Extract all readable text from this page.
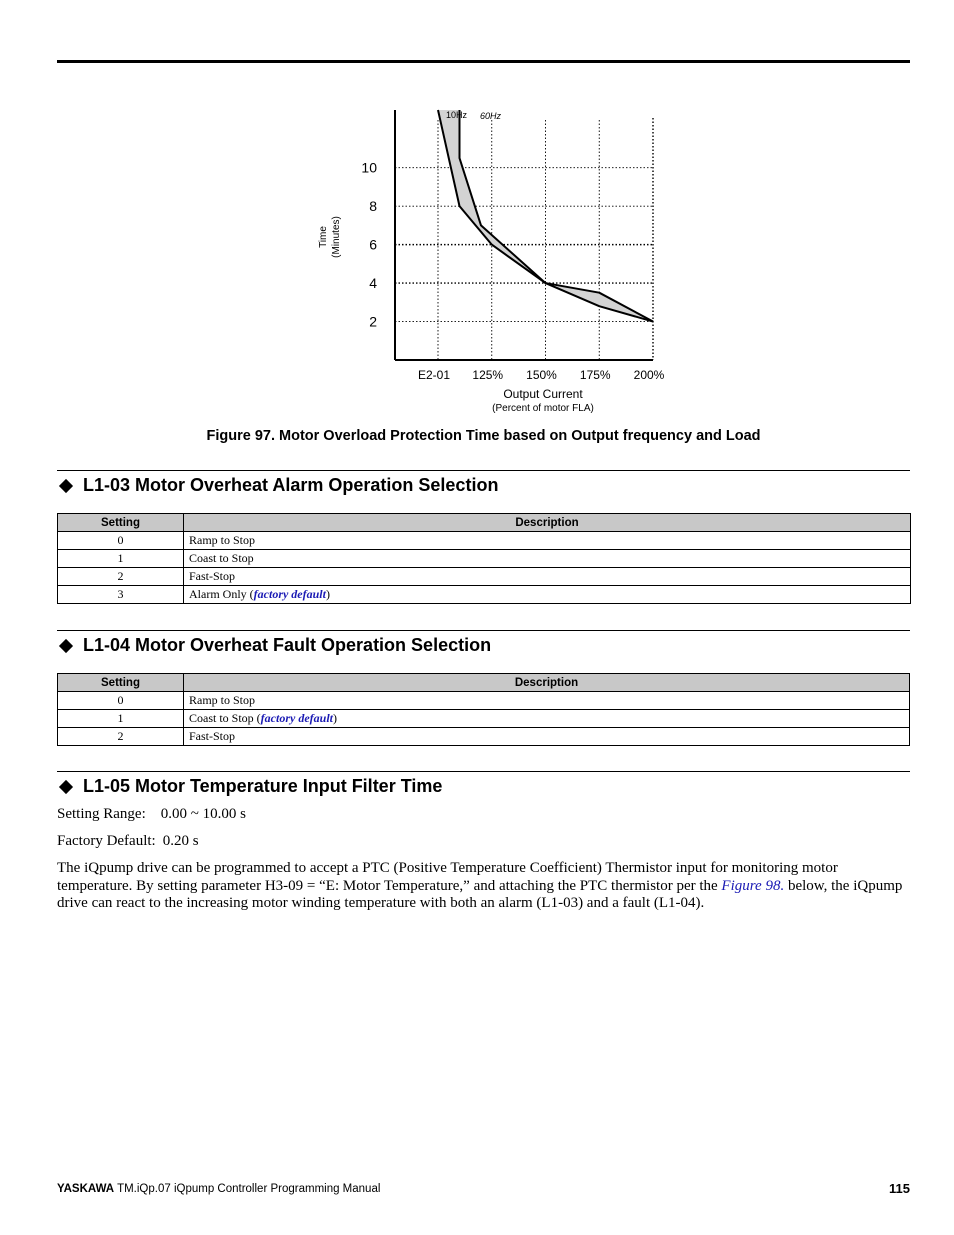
2
4
6
8
10
E2-01 125% 150% 175% 200%
10Hz 60Hz
Output Current
(Percent of motor FLA)
Time (Minutes)
Figure 97. Motor Overload Protection Time based on Output frequency and Load
L1-03 Motor Overheat Alarm Operation Selection
Setting	Description
0	Ramp to Stop
1	Coast to Stop
2	Fast-Stop
3	Alarm Only (factory default)
L1-04 Motor Overheat Fault Operation Selection
Setting	Description
0	Ramp to Stop
1	Coast to Stop (factory default)
2	Fast-Stop
L1-05 Motor Temperature Input Filter Time
Setting Range: 0.00 ~ 10.00 s
Factory Default: 0.20 s
The iQpump drive can be programmed to accept a PTC (Positive Temperature Coefficient) Thermistor input for monitoring motor temperature. By setting parameter H3-09 = “E: Motor Temperature,” and attaching the PTC thermistor per the Figure 98. below, the iQpump drive can react to the increasing motor winding temperature with both an alarm (L1-03) and a fault (L1-04).
YASKAWA TM.iQp.07 iQpump Controller Programming Manual	115
